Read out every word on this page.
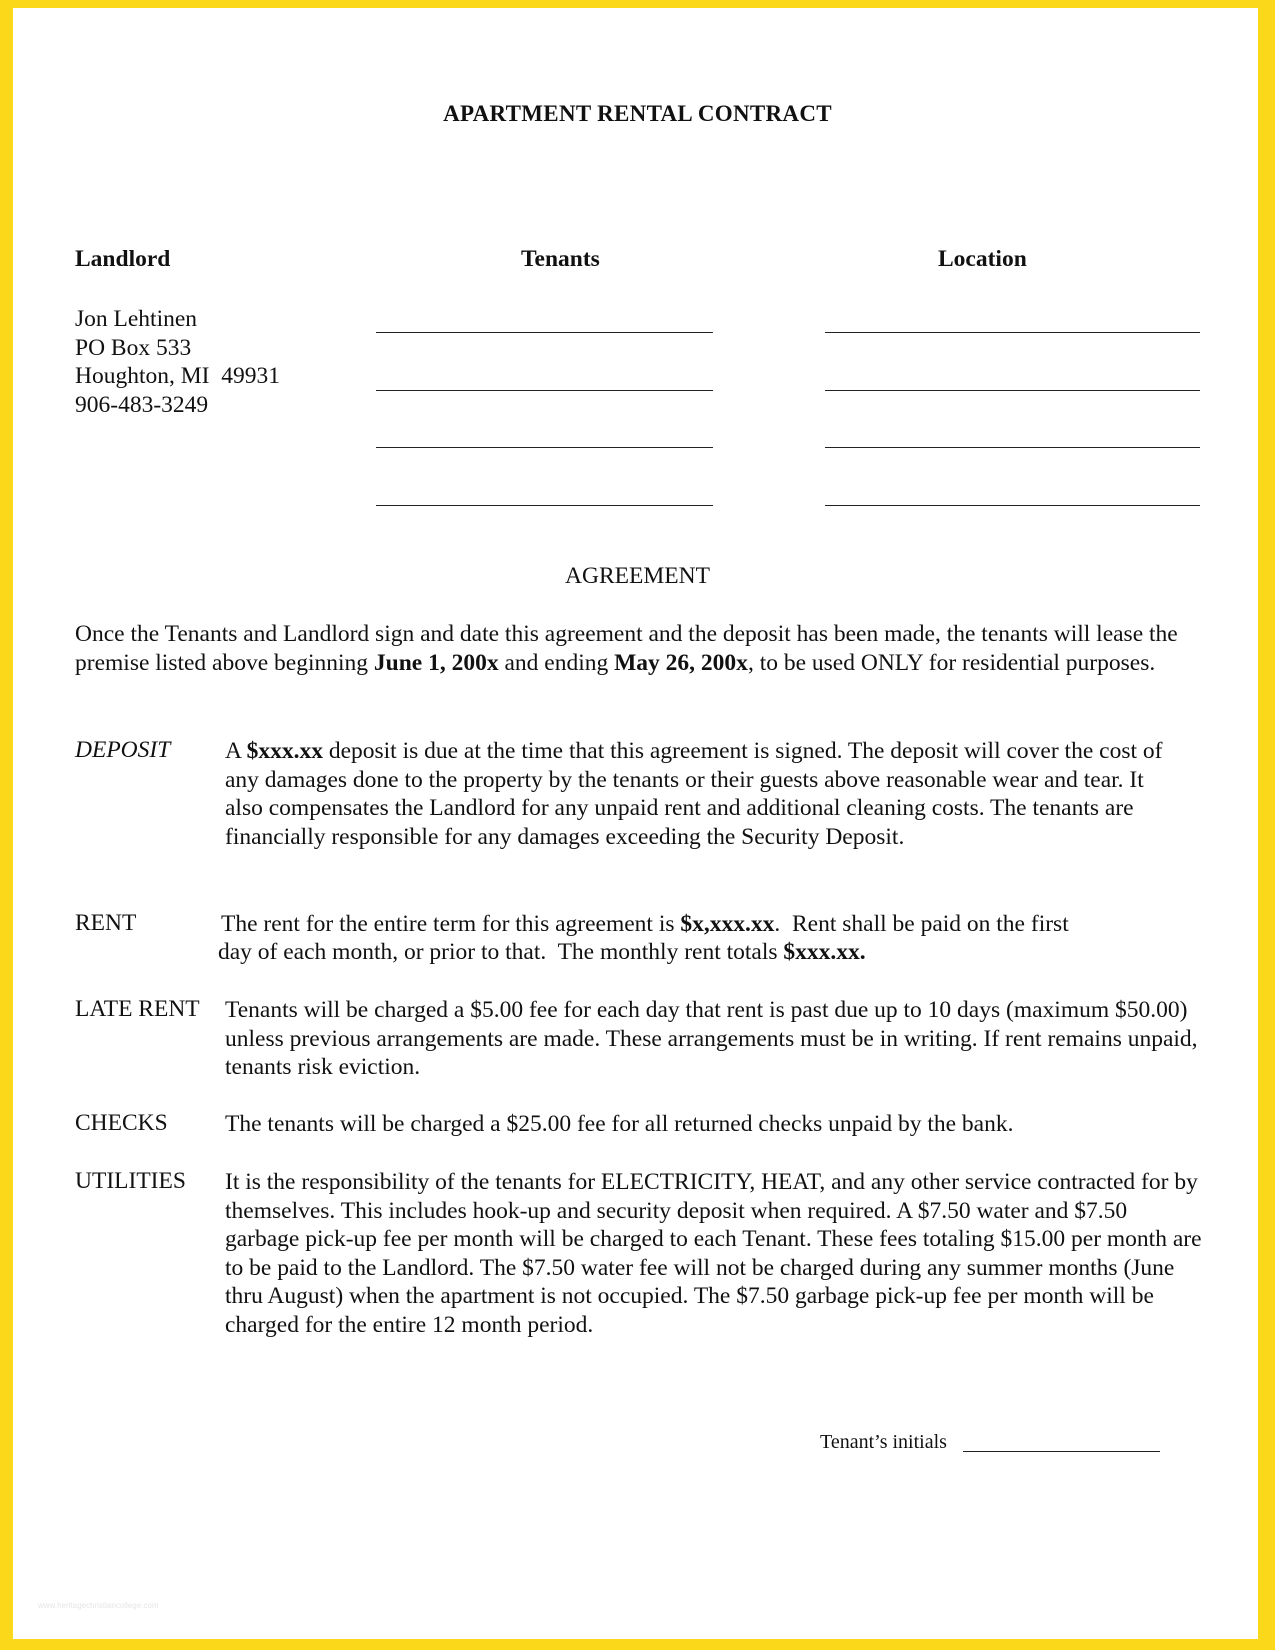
APARTMENT RENTAL CONTRACT
Landlord	Tenants	Location
Jon Lehtinen
PO Box 533
Houghton, MI  49931
906-483-3249
AGREEMENT
Once the Tenants and Landlord sign and date this agreement and the deposit has been made, the tenants will lease the premise listed above beginning June 1, 200x and ending May 26, 200x, to be used ONLY for residential purposes.
DEPOSIT A $xxx.xx deposit is due at the time that this agreement is signed. The deposit will cover the cost of any damages done to the property by the tenants or their guests above reasonable wear and tear. It also compensates the Landlord for any unpaid rent and additional cleaning costs. The tenants are financially responsible for any damages exceeding the Security Deposit.
RENT	The rent for the entire term for this agreement is $x,xxx.xx.  Rent shall be paid on the first
day of each month, or prior to that.  The monthly rent totals $xxx.xx.
LATE RENT Tenants will be charged a $5.00 fee for each day that rent is past due up to 10 days (maximum $50.00) unless previous arrangements are made. These arrangements must be in writing. If rent remains unpaid, tenants risk eviction.
CHECKS The tenants will be charged a $25.00 fee for all returned checks unpaid by the bank.
UTILITIES It is the responsibility of the tenants for ELECTRICITY, HEAT, and any other service contracted for by themselves. This includes hook-up and security deposit when required. A $7.50 water and $7.50 garbage pick-up fee per month will be charged to each Tenant. These fees totaling $15.00 per month are to be paid to the Landlord. The $7.50 water fee will not be charged during any summer months (June thru August) when the apartment is not occupied. The $7.50 garbage pick-up fee per month will be charged for the entire 12 month period.
Tenant’s initials
www.heritagechristiancollege.com
